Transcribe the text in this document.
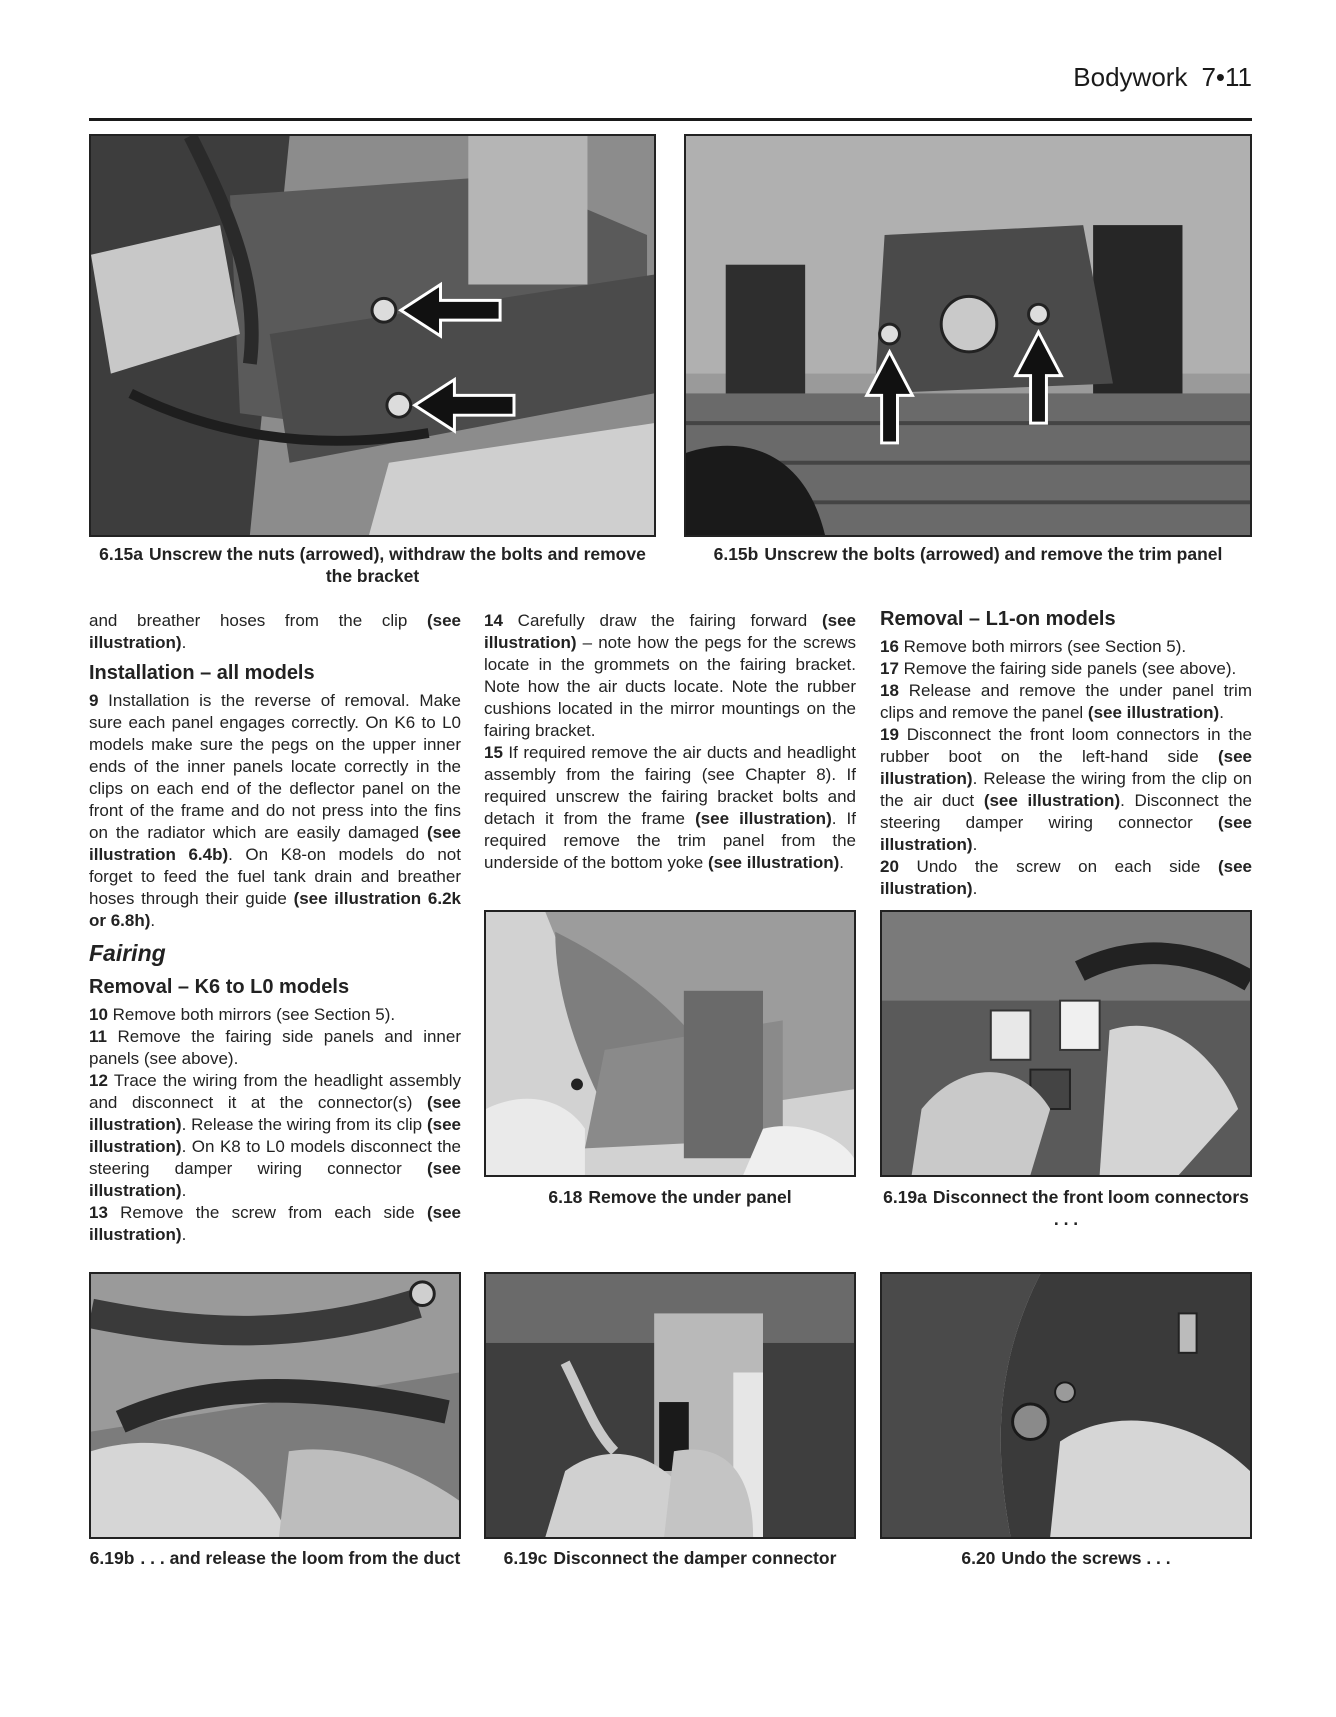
Bodywork 7•11
6.15a Unscrew the nuts (arrowed), withdraw the bolts and remove the bracket
6.15b Unscrew the bolts (arrowed) and remove the trim panel

and breather hoses from the clip (see illustration).

Installation – all models

9 Installation is the reverse of removal. Make sure each panel engages correctly. On K6 to L0 models make sure the pegs on the upper inner ends of the inner panels locate correctly in the clips on each end of the deflector panel on the front of the frame and do not press into the fins on the radiator which are easily damaged (see illustration 6.4b). On K8-on models do not forget to feed the fuel tank drain and breather hoses through their guide (see illustration 6.2k or 6.8h).

Fairing
Removal – K6 to L0 models

10 Remove both mirrors (see Section 5).

11 Remove the fairing side panels and inner panels (see above).

12 Trace the wiring from the headlight assembly and disconnect it at the connector(s) (see illustration). Release the wiring from its clip (see illustration). On K8 to L0 models disconnect the steering damper wiring connector (see illustration).

13 Remove the screw from each side (see illustration).

14 Carefully draw the fairing forward (see illustration) – note how the pegs for the screws locate in the grommets on the fairing bracket. Note how the air ducts locate. Note the rubber cushions located in the mirror mountings on the fairing bracket.

15 If required remove the air ducts and headlight assembly from the fairing (see Chapter 8). If required unscrew the fairing bracket bolts and detach it from the frame (see illustration). If required remove the trim panel from the underside of the bottom yoke (see illustration).

Removal – L1-on models

16 Remove both mirrors (see Section 5).

17 Remove the fairing side panels (see above).

18 Release and remove the under panel trim clips and remove the panel (see illustration).

19 Disconnect the front loom connectors in the rubber boot on the left-hand side (see illustration). Release the wiring from the clip on the air duct (see illustration). Disconnect the steering damper wiring connector (see illustration).

20 Undo the screw on each side (see illustration).

6.18 Remove the under panel	6.19a Disconnect the front loom connectors . . .
6.19b . . . and release the loom from the duct	6.19c Disconnect the damper connector	6.20 Undo the screws . . .
